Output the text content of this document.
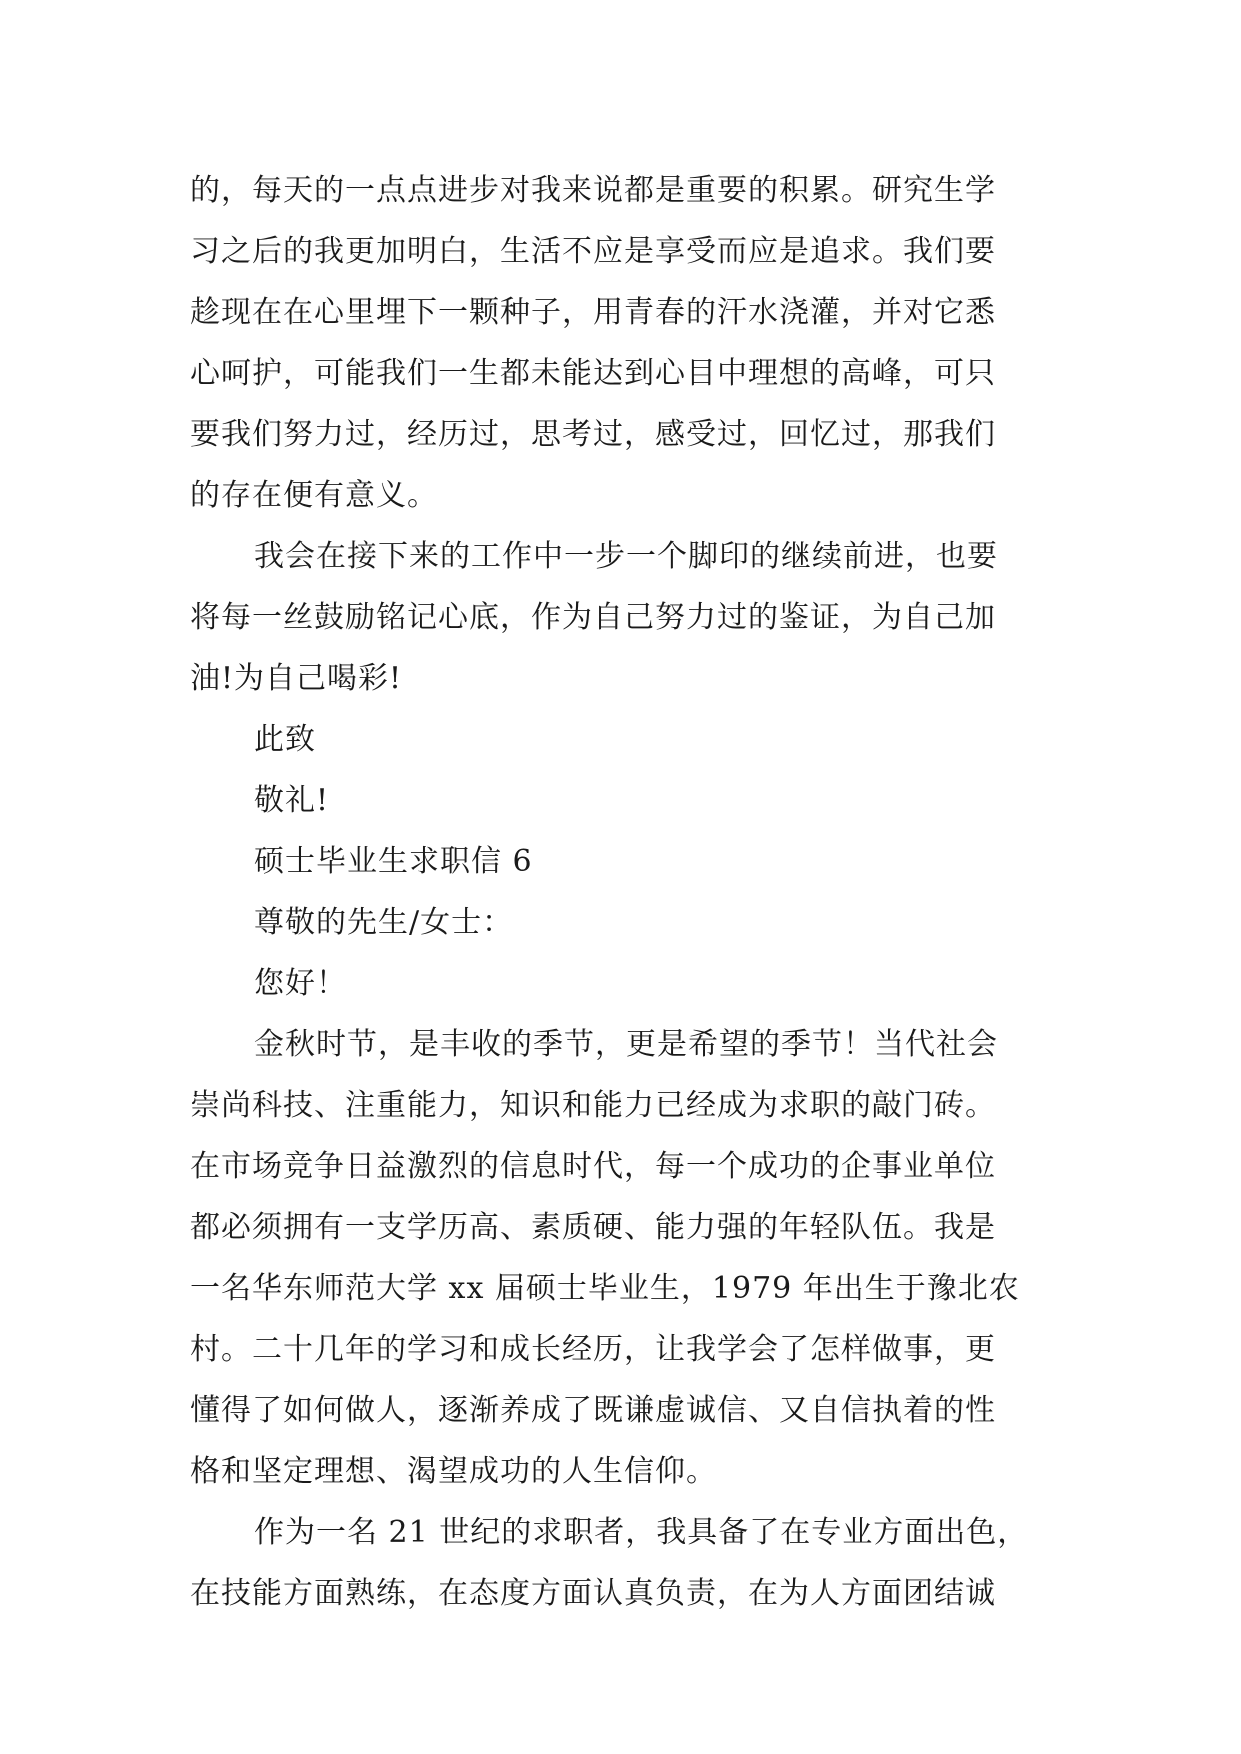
的，每天的一点点进步对我来说都是重要的积累。研究生学
习之后的我更加明白，生活不应是享受而应是追求。我们要
趁现在在心里埋下一颗种子，用青春的汗水浇灌，并对它悉
心呵护，可能我们一生都未能达到心目中理想的高峰，可只
要我们努力过，经历过，思考过，感受过，回忆过，那我们
的存在便有意义。
我会在接下来的工作中一步一个脚印的继续前进，也要
将每一丝鼓励铭记心底，作为自己努力过的鉴证，为自己加
油!为自己喝彩!
此致
敬礼!
硕士毕业生求职信 6
尊敬的先生/女士：
您好！
金秋时节，是丰收的季节，更是希望的季节！当代社会
崇尚科技、注重能力，知识和能力已经成为求职的敲门砖。
在市场竞争日益激烈的信息时代，每一个成功的企事业单位
都必须拥有一支学历高、素质硬、能力强的年轻队伍。我是
一名华东师范大学 xx 届硕士毕业生，1979 年出生于豫北农
村。二十几年的学习和成长经历，让我学会了怎样做事，更
懂得了如何做人，逐渐养成了既谦虚诚信、又自信执着的性
格和坚定理想、渴望成功的人生信仰。
作为一名 21 世纪的求职者，我具备了在专业方面出色，
在技能方面熟练，在态度方面认真负责，在为人方面团结诚
